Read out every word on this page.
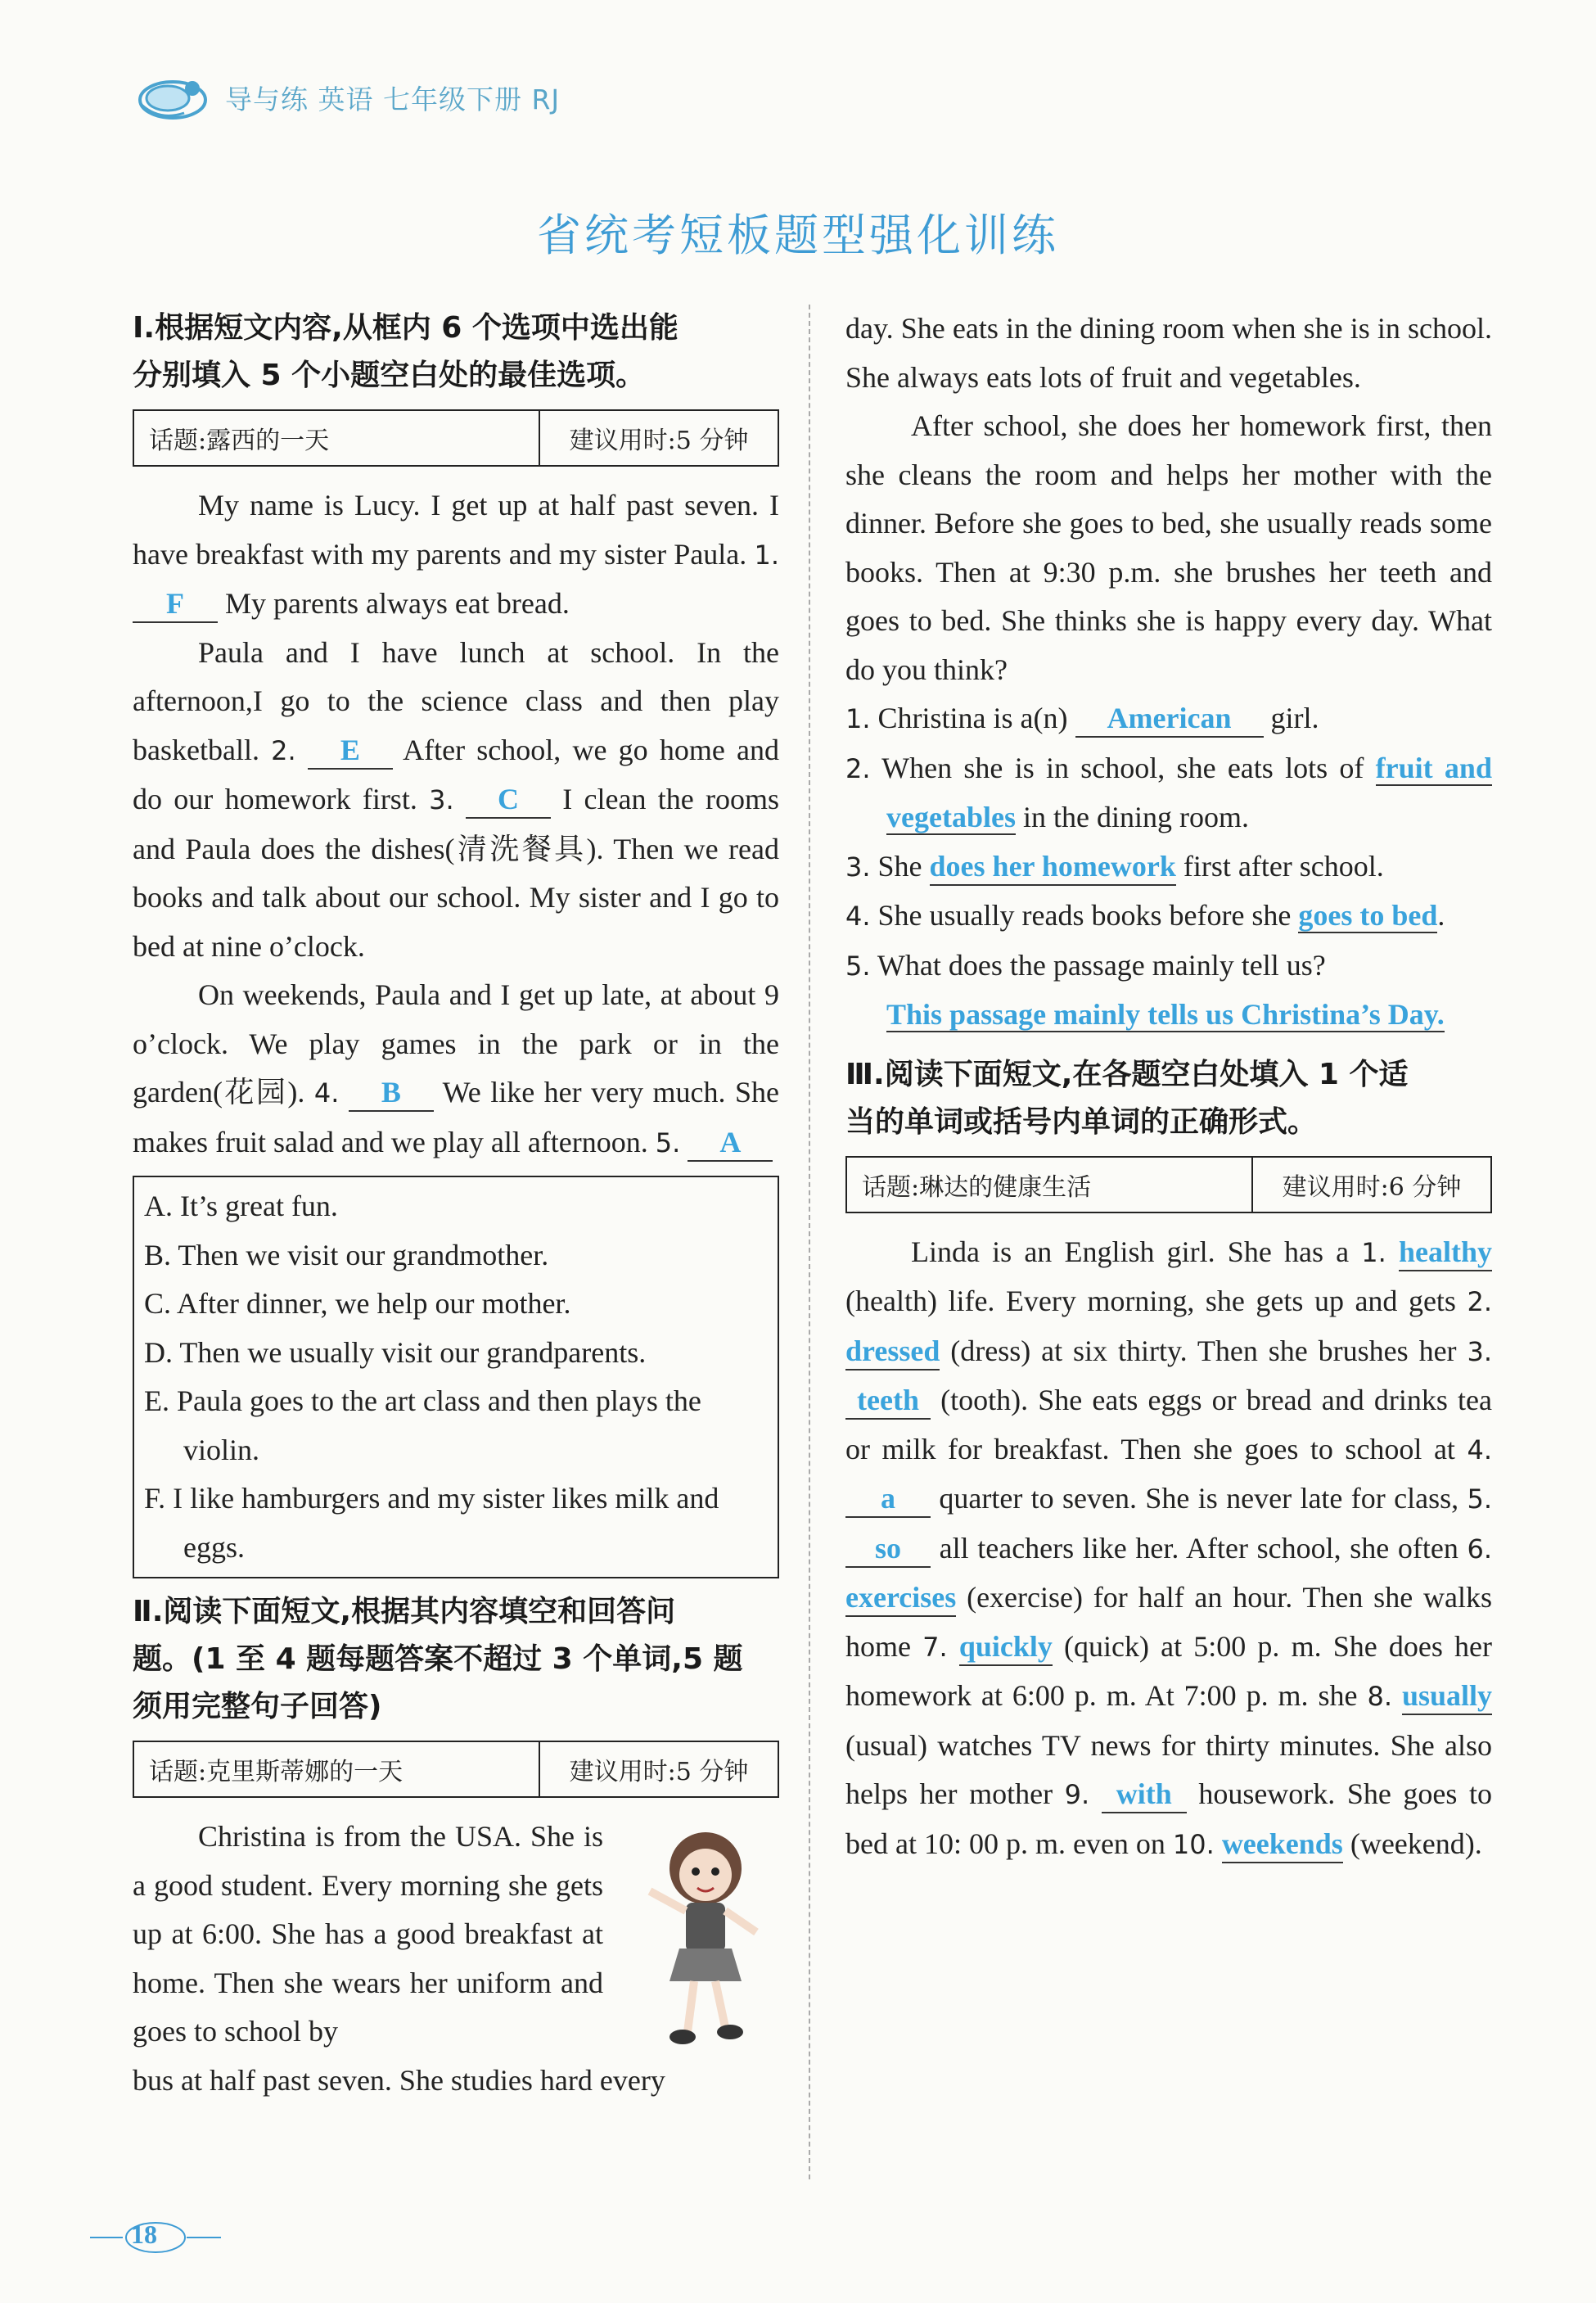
导与练 英语 七年级下册 RJ
省统考短板题型强化训练
Ⅰ.根据短文内容,从框内 6 个选项中选出能
分别填入 5 个小题空白处的最佳选项。
话题:露西的一天	建议用时:5 分钟

My name is Lucy. I get up at half past seven. I have breakfast with my parents and my sister Paula. 1. F My parents always eat bread.

Paula and I have lunch at school. In the afternoon,I go to the science class and then play basketball. 2. E After school, we go home and do our homework first. 3. C I clean the rooms and Paula does the dishes(清洗餐具). Then we read books and talk about our school. My sister and I go to bed at nine o’clock.

On weekends, Paula and I get up late, at about 9 o’clock. We play games in the park or in the garden(花园). 4. B We like her very much. She makes fruit salad and we play all afternoon. 5. A

A. It’s great fun.
B. Then we visit our grandmother.
C. After dinner, we help our mother.
D. Then we usually visit our grandparents.
E. Paula goes to the art class and then plays the violin.
F. I like hamburgers and my sister likes milk and eggs.
Ⅱ.阅读下面短文,根据其内容填空和回答问
题。(1 至 4 题每题答案不超过 3 个单词,5 题
须用完整句子回答)
话题:克里斯蒂娜的一天	建议用时:5 分钟

Christina is from the USA. She is a good student. Every morning she gets up at 6:00. She has a good breakfast at home. Then she wears her uniform and goes to school by

bus at half past seven. She studies hard every

day. She eats in the dining room when she is in school. She always eats lots of fruit and vegetables.

After school, she does her homework first, then she cleans the room and helps her mother with the dinner. Before she goes to bed, she usually reads some books. Then at 9:30 p.m. she brushes her teeth and goes to bed. She thinks she is happy every day. What do you think?

1. Christina is a(n) American girl.
2. When she is in school, she eats lots of fruit and vegetables in the dining room.
3. She does her homework first after school.
4. She usually reads books before she goes to bed.
5. What does the passage mainly tell us?
This passage mainly tells us Christina’s Day.
Ⅲ.阅读下面短文,在各题空白处填入 1 个适
当的单词或括号内单词的正确形式。
话题:琳达的健康生活	建议用时:6 分钟

Linda is an English girl. She has a 1. healthy (health) life. Every morning, she gets up and gets 2. dressed (dress) at six thirty. Then she brushes her 3. teeth (tooth). She eats eggs or bread and drinks tea or milk for breakfast. Then she goes to school at 4. a quarter to seven. She is never late for class, 5. so all teachers like her. After school, she often 6. exercises (exercise) for half an hour. Then she walks home 7. quickly (quick) at 5:00 p. m. She does her homework at 6:00 p. m. At 7:00 p. m. she 8. usually (usual) watches TV news for thirty minutes. She also helps her mother 9. with housework. She goes to bed at 10: 00 p. m. even on 10. weekends (weekend).

18
